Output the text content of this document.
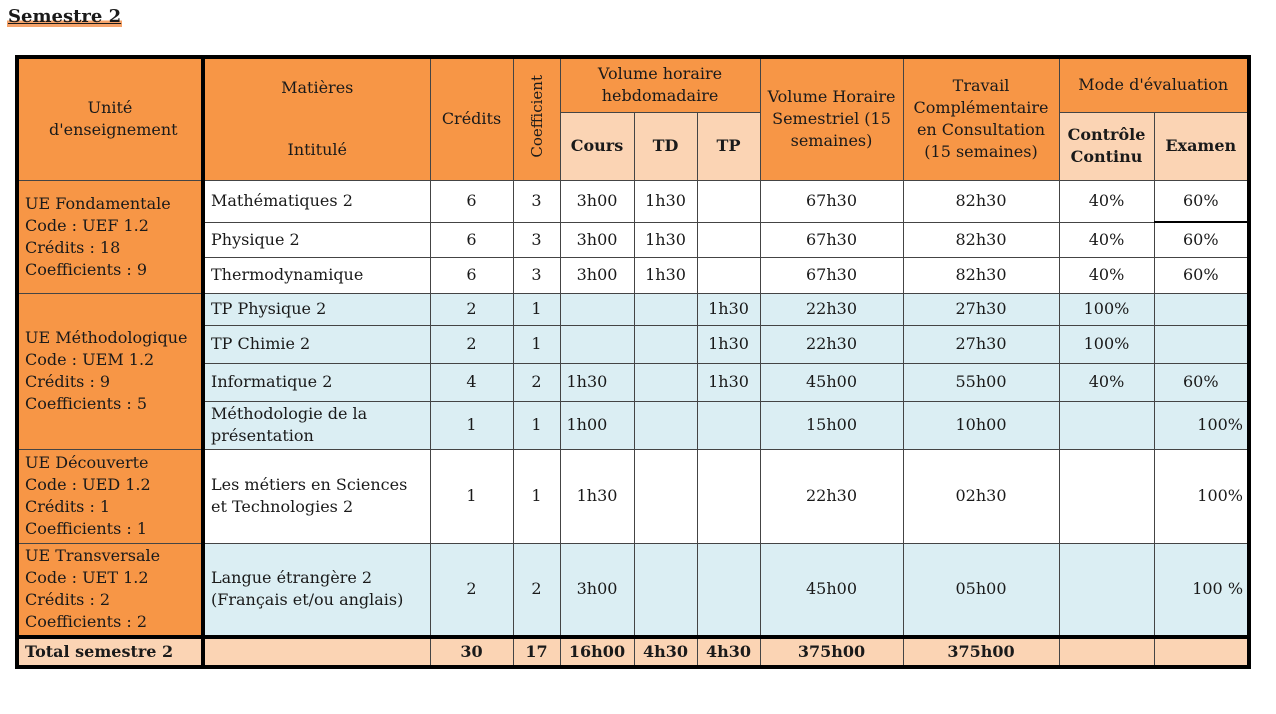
Semestre 2
Unité d'enseignement	Matières
Intitulé	Crédits	Coefficient	Volume horaire hebdomadaire			Volume Horaire Semestriel (15 semaines)	Travail Complémentaire en Consultation (15 semaines)	Mode d'évaluation	
				Cours	TD	TP			Contrôle Continu	Examen

UE Fondamentale
Code : UEF 1.2
Crédits : 18
Coefficients : 9	Mathématiques 2	6	3	3h00	1h30		67h30	82h30	40%	60%
	Physique 2	6	3	3h00	1h30		67h30	82h30	40%	60%
	Thermodynamique	6	3	3h00	1h30		67h30	82h30	40%	60%

UE Méthodologique
Code : UEM 1.2
Crédits : 9
Coefficients : 5	TP Physique 2	2	1			1h30	22h30	27h30	100%	
	TP Chimie 2	2	1			1h30	22h30	27h30	100%	
	Informatique 2	4	2	1h30		1h30	45h00	55h00	40%	60%
	Méthodologie de la présentation	1	1	1h00			15h00	10h00		100%

UE Découverte
Code : UED 1.2
Crédits : 1
Coefficients : 1	Les métiers en Sciences et Technologies 2	1	1	1h30			22h30	02h30		100%

UE Transversale
Code : UET 1.2
Crédits : 2
Coefficients : 2	Langue étrangère 2 (Français et/ou anglais)	2	2	3h00			45h00	05h00		100 %
Total semestre 2		30	17	16h00	4h30	4h30	375h00	375h00		
